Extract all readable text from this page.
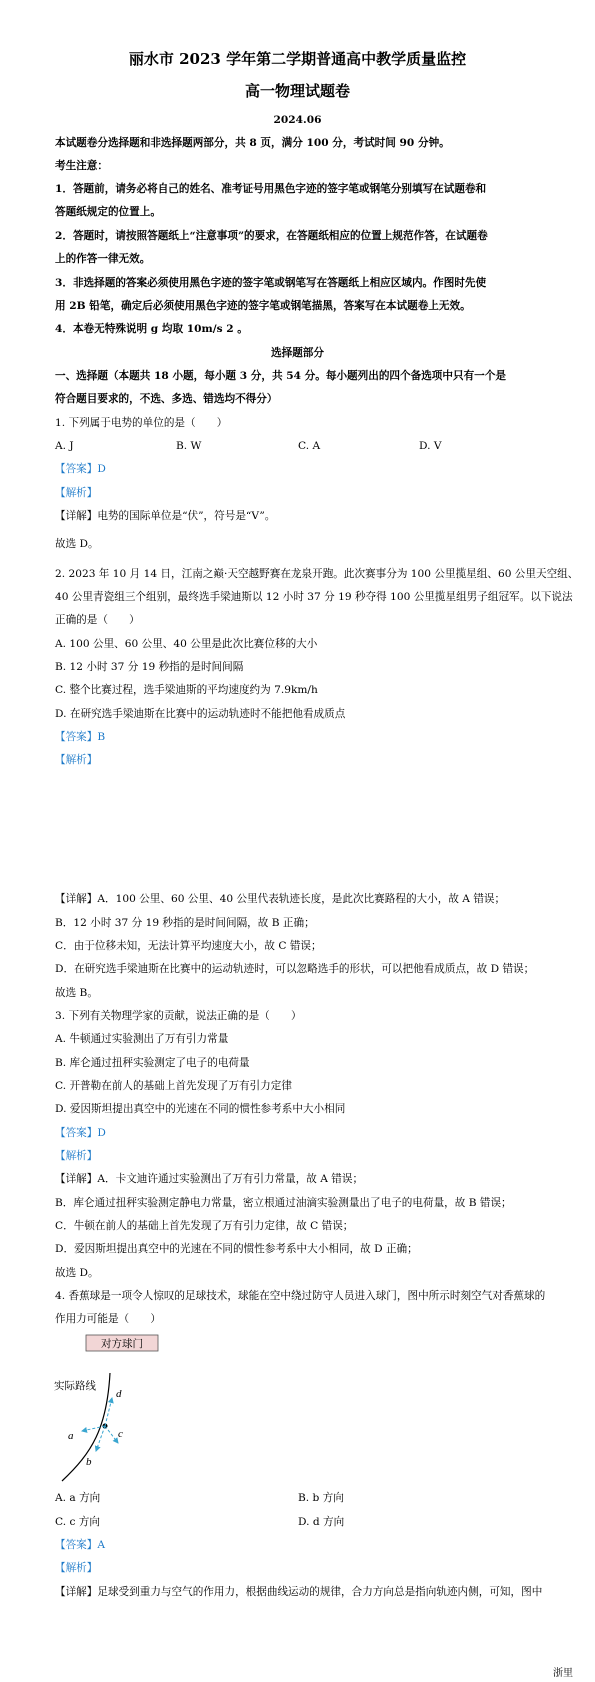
丽水市 2023 学年第二学期普通高中教学质量监控
高一物理试题卷
2024.06
本试题卷分选择题和非选择题两部分，共 8 页，满分 100 分，考试时间 90 分钟。
考生注意：
1．答题前，请务必将自己的姓名、准考证号用黑色字迹的签字笔或钢笔分别填写在试题卷和
答题纸规定的位置上。
2．答题时，请按照答题纸上“注意事项”的要求，在答题纸相应的位置上规范作答，在试题卷
上的作答一律无效。
3．非选择题的答案必须使用黑色字迹的签字笔或钢笔写在答题纸上相应区域内。作图时先使
用 2B 铅笔，确定后必须使用黑色字迹的签字笔或钢笔描黑，答案写在本试题卷上无效。
4．本卷无特殊说明 g 均取 10m/s 2 。
选择题部分
一、选择题（本题共 18 小题，每小题 3 分，共 54 分。每小题列出的四个备选项中只有一个是
符合题目要求的，不选、多选、错选均不得分）
1. 下列属于电势的单位的是（　　）
A. J	B. W	C. A	D. V
【答案】D
【解析】
【详解】电势的国际单位是“伏”，符号是“V”。
故选 D。
2. 2023 年 10 月 14 日，江南之巅·天空越野赛在龙泉开跑。此次赛事分为 100 公里揽星组、60 公里天空组、
40 公里青瓷组三个组别，最终选手梁迪斯以 12 小时 37 分 19 秒夺得 100 公里揽星组男子组冠军。以下说法
正确的是（　　）
A. 100 公里、60 公里、40 公里是此次比赛位移的大小
B. 12 小时 37 分 19 秒指的是时间间隔
C. 整个比赛过程，选手梁迪斯的平均速度约为 7.9km/h
D. 在研究选手梁迪斯在比赛中的运动轨迹时不能把他看成质点
【答案】B
【解析】
【详解】A．100 公里、60 公里、40 公里代表轨迹长度，是此次比赛路程的大小，故 A 错误；
B．12 小时 37 分 19 秒指的是时间间隔，故 B 正确；
C．由于位移未知，无法计算平均速度大小，故 C 错误；
D．在研究选手梁迪斯在比赛中的运动轨迹时，可以忽略选手的形状，可以把他看成质点，故 D 错误；
故选 B。
3. 下列有关物理学家的贡献，说法正确的是（　　）
A. 牛顿通过实验测出了万有引力常量
B. 库仑通过扭秤实验测定了电子的电荷量
C. 开普勒在前人的基础上首先发现了万有引力定律
D. 爱因斯坦提出真空中的光速在不同的惯性参考系中大小相同
【答案】D
【解析】
【详解】A．卡文迪许通过实验测出了万有引力常量，故 A 错误；
B．库仑通过扭秤实验测定静电力常量，密立根通过油滴实验测量出了电子的电荷量，故 B 错误；
C．牛顿在前人的基础上首先发现了万有引力定律，故 C 错误；
D．爱因斯坦提出真空中的光速在不同的惯性参考系中大小相同，故 D 正确；
故选 D。
4. 香蕉球是一项令人惊叹的足球技术，球能在空中绕过防守人员进入球门，图中所示时刻空气对香蕉球的
作用力可能是（　　）
对方球门
实际路线
a
b
c
d
A. a 方向	B. b 方向
C. c 方向	D. d 方向
【答案】A
【解析】
【详解】足球受到重力与空气的作用力，根据曲线运动的规律，合力方向总是指向轨迹内侧，可知，图中
浙里
